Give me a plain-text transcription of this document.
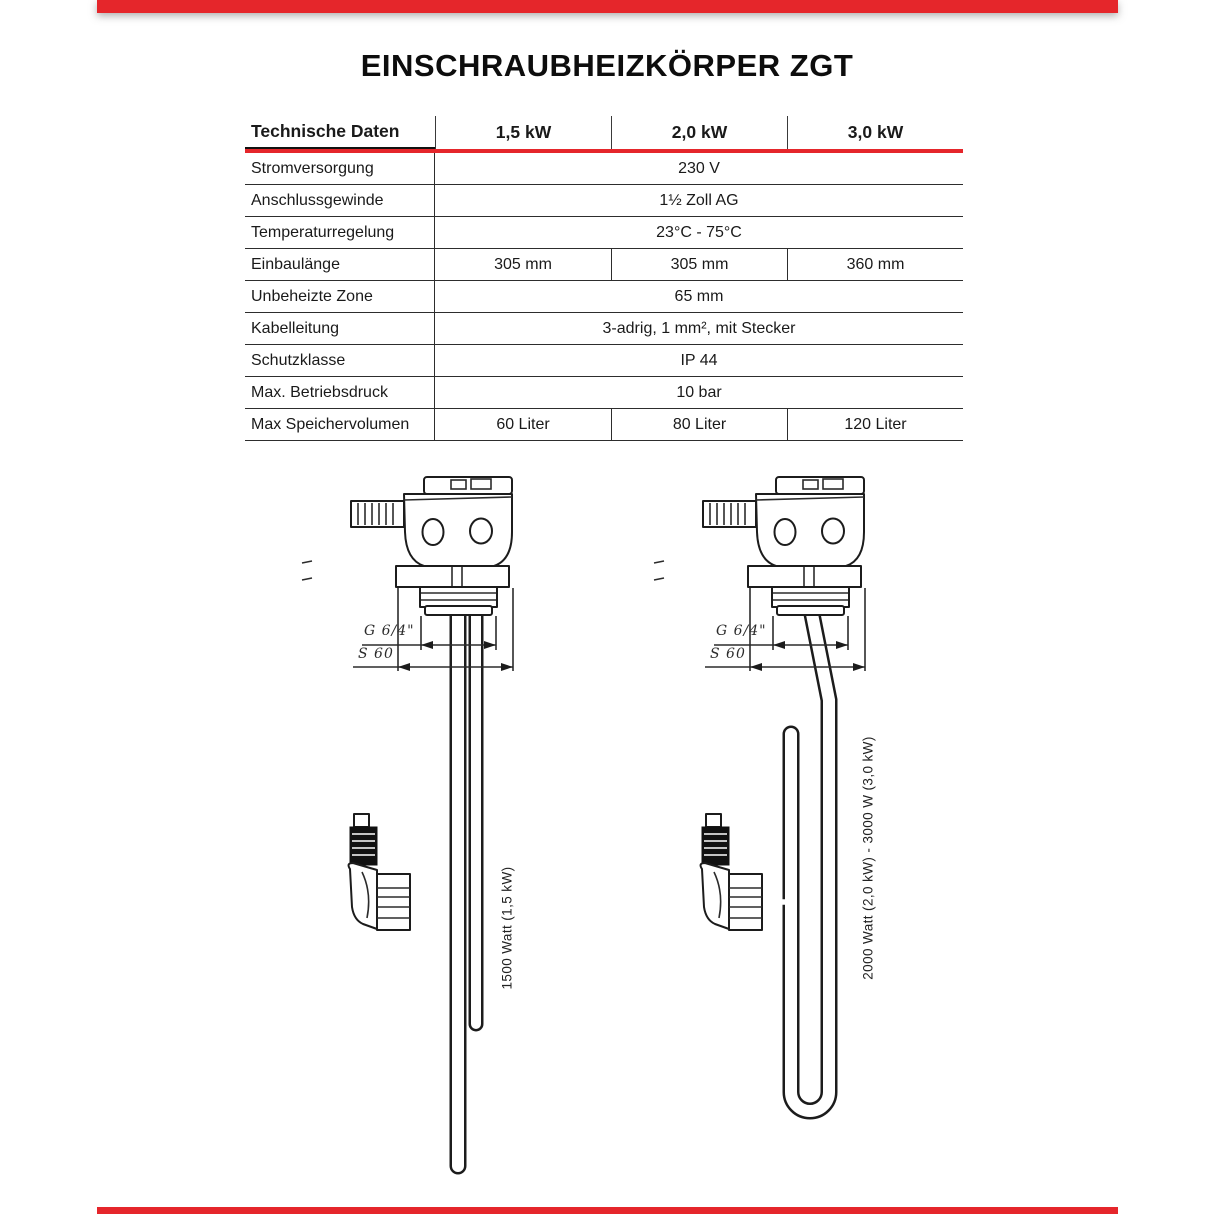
EINSCHRAUBHEIZKÖRPER ZGT
Technische Daten	1,5 kW	2,0 kW	3,0 kW
Stromversorgung	230 V
Anschlussgewinde	1½ Zoll AG
Temperaturregelung	23°C - 75°C
Einbaulänge	305 mm	305 mm	360 mm
Unbeheizte Zone	65 mm
Kabelleitung	3-adrig, 1 mm², mit Stecker
Schutzklasse	IP 44
Max. Betriebsdruck	10 bar
Max Speichervolumen	60 Liter	80 Liter	120 Liter
G 6/4"
S 60
G 6/4"
S 60
1500 Watt (1,5 kW)	2000 Watt (2,0 kW) - 3000 W (3,0 kW)
